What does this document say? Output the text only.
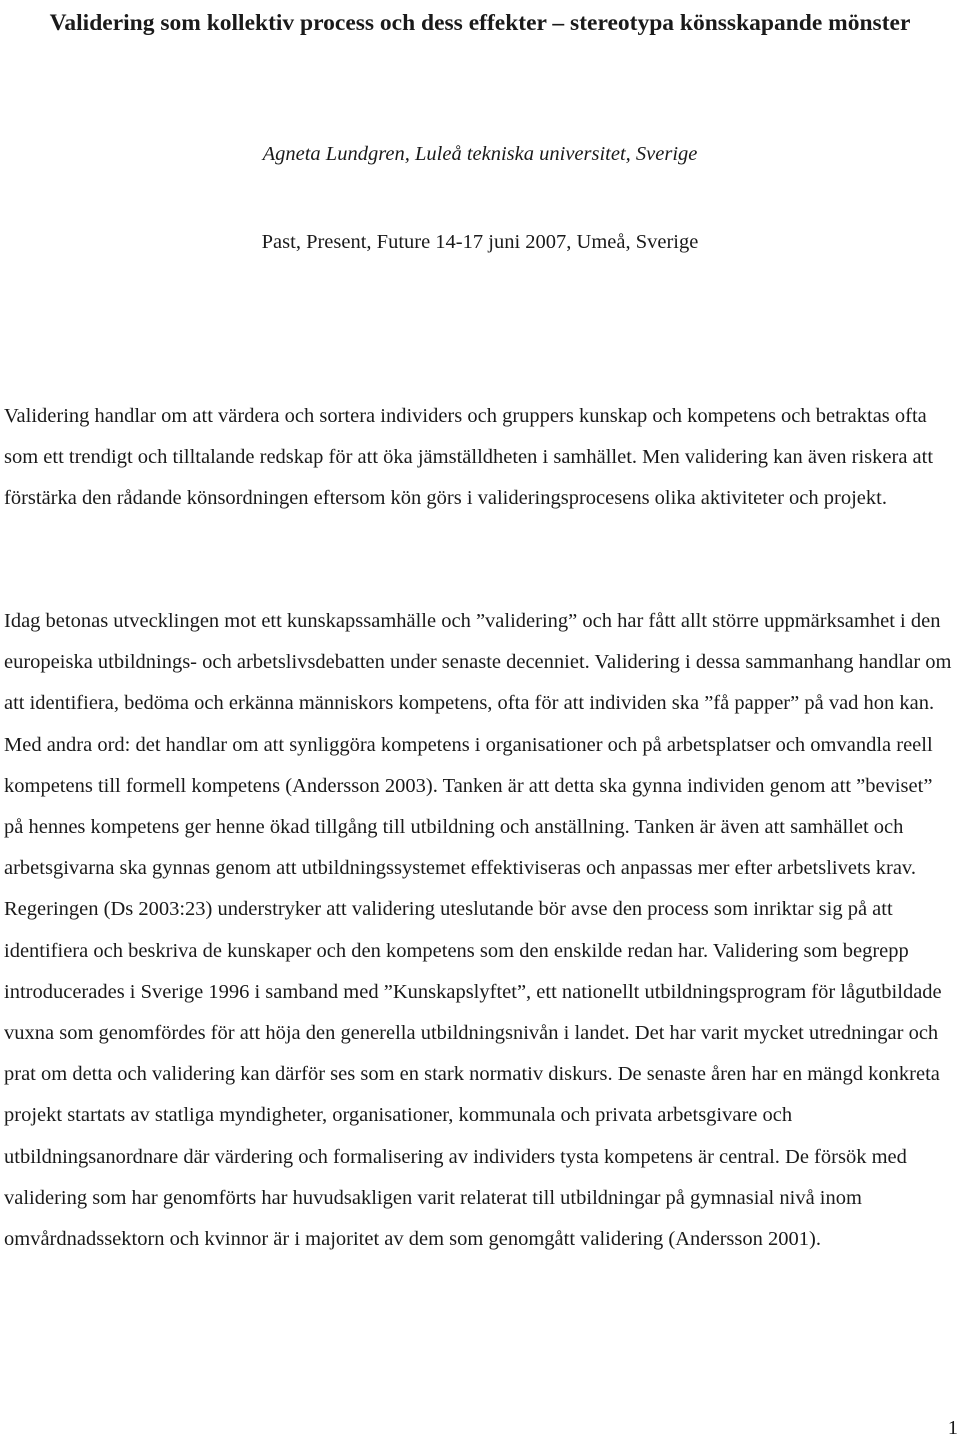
Validering som kollektiv process och dess effekter – stereotypa könsskapande mönster

Agneta Lundgren, Luleå tekniska universitet, Sverige

Past, Present, Future 14-17 juni 2007, Umeå, Sverige

Validering handlar om att värdera och sortera individers och gruppers kunskap och kompetens och betraktas ofta som ett trendigt och tilltalande redskap för att öka jämställdheten i samhället. Men validering kan även riskera att förstärka den rådande könsordningen eftersom kön görs i valideringsprocesens olika aktiviteter och projekt.

Idag betonas utvecklingen mot ett kunskapssamhälle och ”validering” och har fått allt större uppmärksamhet i den europeiska utbildnings- och arbetslivsdebatten under senaste decenniet. Validering i dessa sammanhang handlar om att identifiera, bedöma och erkänna människors kompetens, ofta för att individen ska ”få papper” på vad hon kan. Med andra ord: det handlar om att synliggöra kompetens i organisationer och på arbetsplatser och omvandla reell kompetens till formell kompetens (Andersson 2003). Tanken är att detta ska gynna individen genom att ”beviset” på hennes kompetens ger henne ökad tillgång till utbildning och anställning. Tanken är även att samhället och arbetsgivarna ska gynnas genom att utbildningssystemet effektiviseras och anpassas mer efter arbetslivets krav. Regeringen (Ds 2003:23) understryker att validering uteslutande bör avse den process som inriktar sig på att identifiera och beskriva de kunskaper och den kompetens som den enskilde redan har. Validering som begrepp introducerades i Sverige 1996 i samband med ”Kunskapslyftet”, ett nationellt utbildningsprogram för lågutbildade vuxna som genomfördes för att höja den generella utbildningsnivån i landet. Det har varit mycket utredningar och prat om detta och validering kan därför ses som en stark normativ diskurs. De senaste åren har en mängd konkreta projekt startats av statliga myndigheter, organisationer, kommunala och privata arbetsgivare och utbildningsanordnare där värdering och formalisering av individers tysta kompetens är central. De försök med validering som har genomförts har huvudsakligen varit relaterat till utbildningar på gymnasial nivå inom omvårdnadssektorn och kvinnor är i majoritet av dem som genomgått validering (Andersson 2001).

1
